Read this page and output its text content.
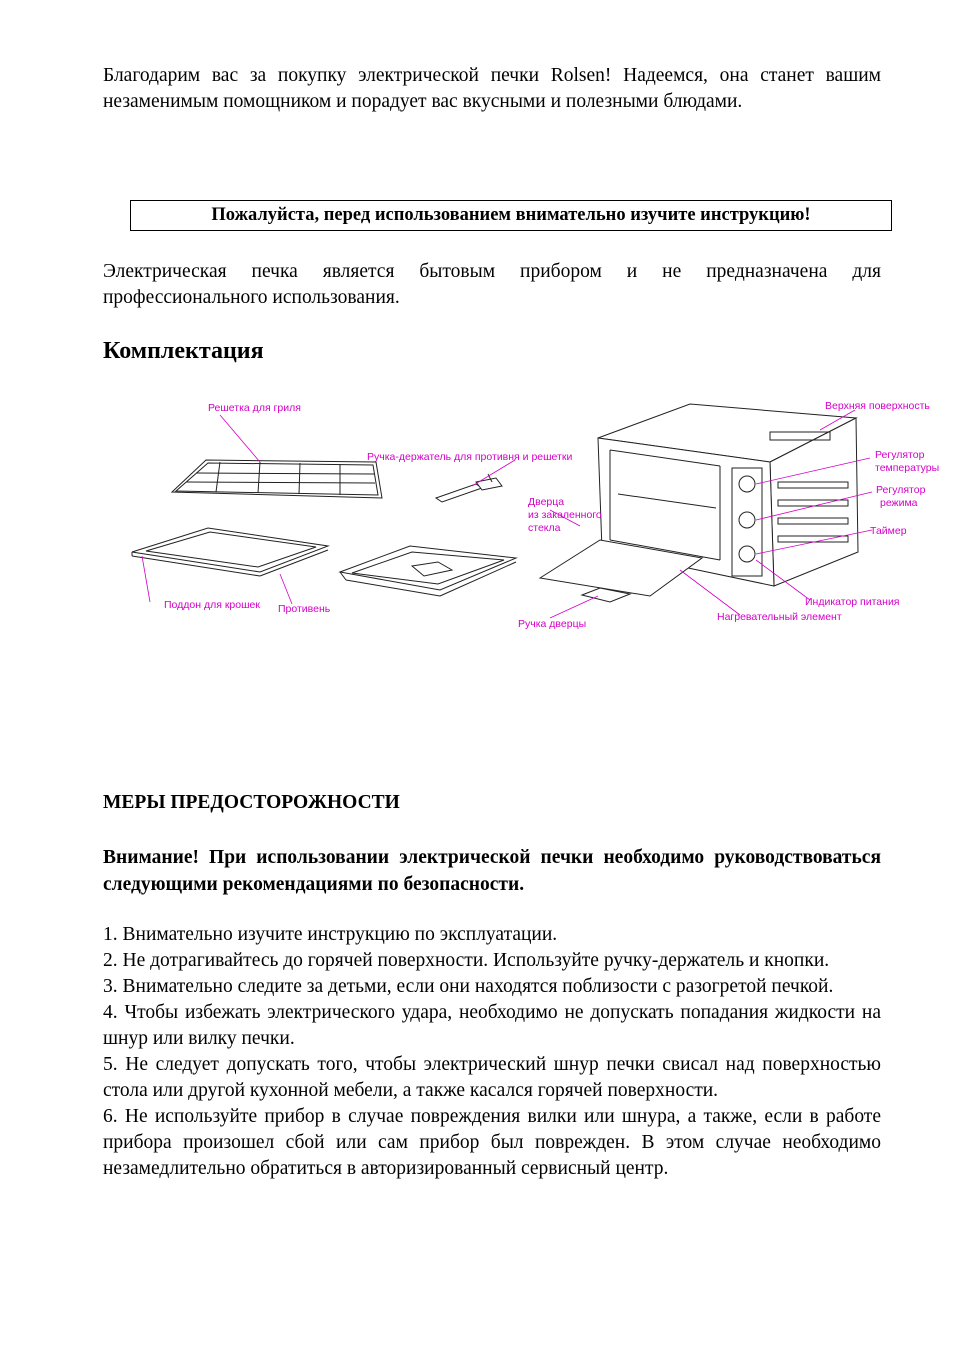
Благодарим вас за покупку электрической печки Rolsen! Надеемся, она станет вашим незаменимым помощником и порадует вас вкусными и полезными блюдами.

Пожалуйста, перед использованием внимательно изучите инструкцию!

Электрическая печка является бытовым прибором и не предназначена для профессионального использования.

Комплектация
Решетка для гриля
Ручка-держатель для противня и решетки
Верхняя поверхность
Регулятор
температуры
Регулятор
режима
Таймер
Дверца
из закаленного
стекла
Индикатор питания
Нагревательный элемент
Поддон для крошек Противень
Ручка дверцы
МЕРЫ ПРЕДОСТОРОЖНОСТИ

Внимание! При использовании электрической печки необходимо руководствоваться следующими рекомендациями по безопасности.

1. Внимательно изучите инструкцию по эксплуатации.
2. Не дотрагивайтесь до горячей поверхности. Используйте ручку-держатель и кнопки.
3. Внимательно следите за детьми, если они находятся поблизости с разогретой печкой.
4. Чтобы избежать электрического удара, необходимо не допускать попадания жидкости на шнур или вилку печки.
5. Не следует допускать того, чтобы электрический шнур печки свисал над поверхностью стола или другой кухонной мебели, а также касался горячей поверхности.
6. Не используйте прибор в случае повреждения вилки или шнура, а также, если в работе прибора произошел сбой или сам прибор был поврежден. В этом случае необходимо незамедлительно обратиться в авторизированный сервисный центр.
